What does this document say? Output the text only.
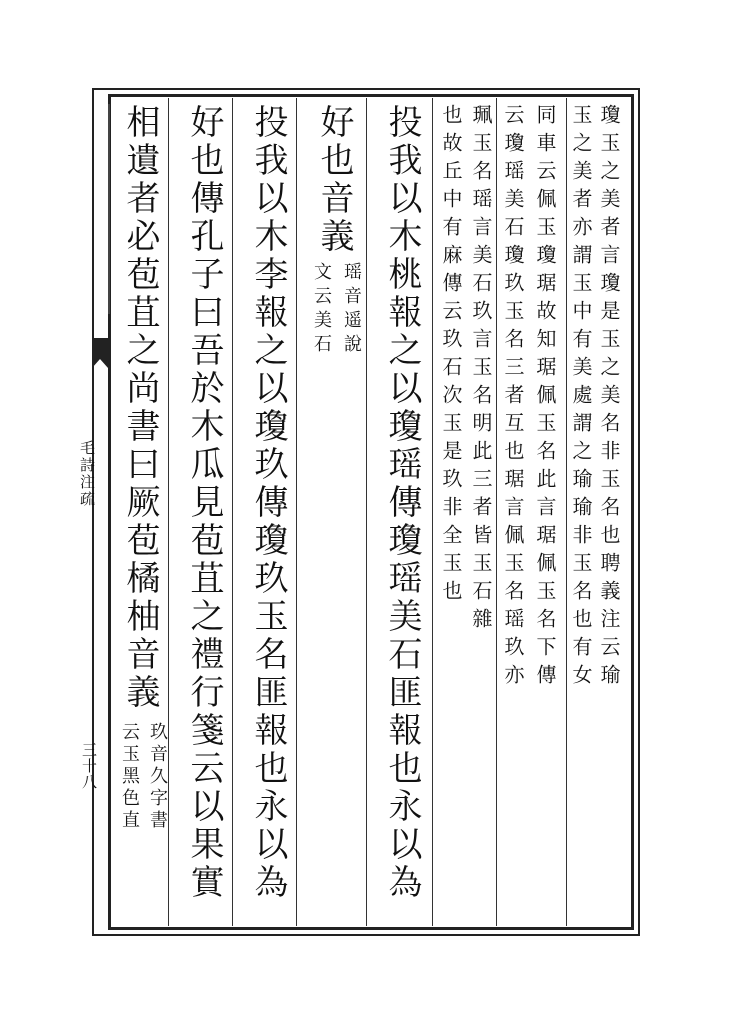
毛詩注疏
三十八
瓊玉之美者言瓊是玉之美名非玉名也聘義注云瑜
玉之美者亦謂玉中有美處謂之瑜瑜非玉名也有女
同車云佩玉瓊琚故知琚佩玉名此言琚佩玉名下傳
云瓊瑶美石瓊玖玉名三者互也琚言佩玉名瑶玖亦
珮玉名瑶言美石玖言玉名明此三者皆玉石雜
也故丘中有麻傳云玖石次玉是玖非全玉也
投我以木桃報之以瓊瑶傳瓊瑶美石匪報也永以為
好也音義
瑶音遥說
文云美石
投我以木李報之以瓊玖傳瓊玖玉名匪報也永以為
好也傳孔子曰吾於木瓜見苞苴之禮行箋云以果實
相遺者必苞苴之尚書曰厥苞橘柚音義
玖音久字書
云玉黑色直
